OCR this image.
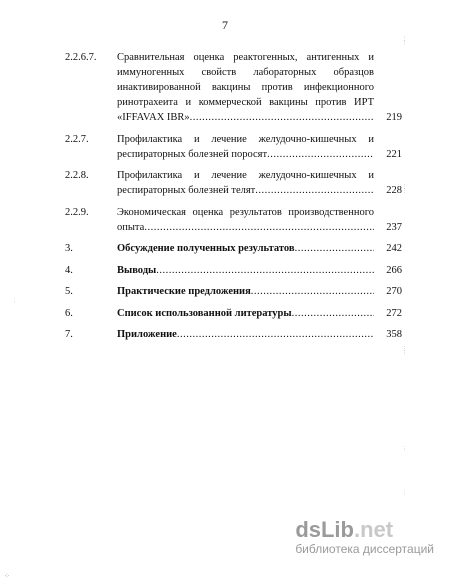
7
2.2.6.7. Сравнительная оценка реактогенных, антигенных и
иммуногенных свойств лабораторных образцов
инактивированной вакцины против инфекционного
ринотрахеита и коммерческой вакцины против ИРТ
«IFFAVAX IBR» .....	219
2.2.7.	Профилактика и лечение желудочно-кишечных и
респираторных болезней поросят .....	221
2.2.8.	Профилактика и лечение желудочно-кишечных и
респираторных болезней телят .....	228
2.2.9.	Экономическая оценка результатов производственного
опыта .....	237
3.	Обсуждение полученных результатов .....	242
4.	Выводы .....	266
5.	Практические предложения .....	270
6.	Список использованной литературы .....	272
7.	Приложение .....	358
⋮
⋮
⋮
⋮
⋮
⋮
⋮
⋮
⋮
dsLib.net
библиотека диссертаций
⁘
